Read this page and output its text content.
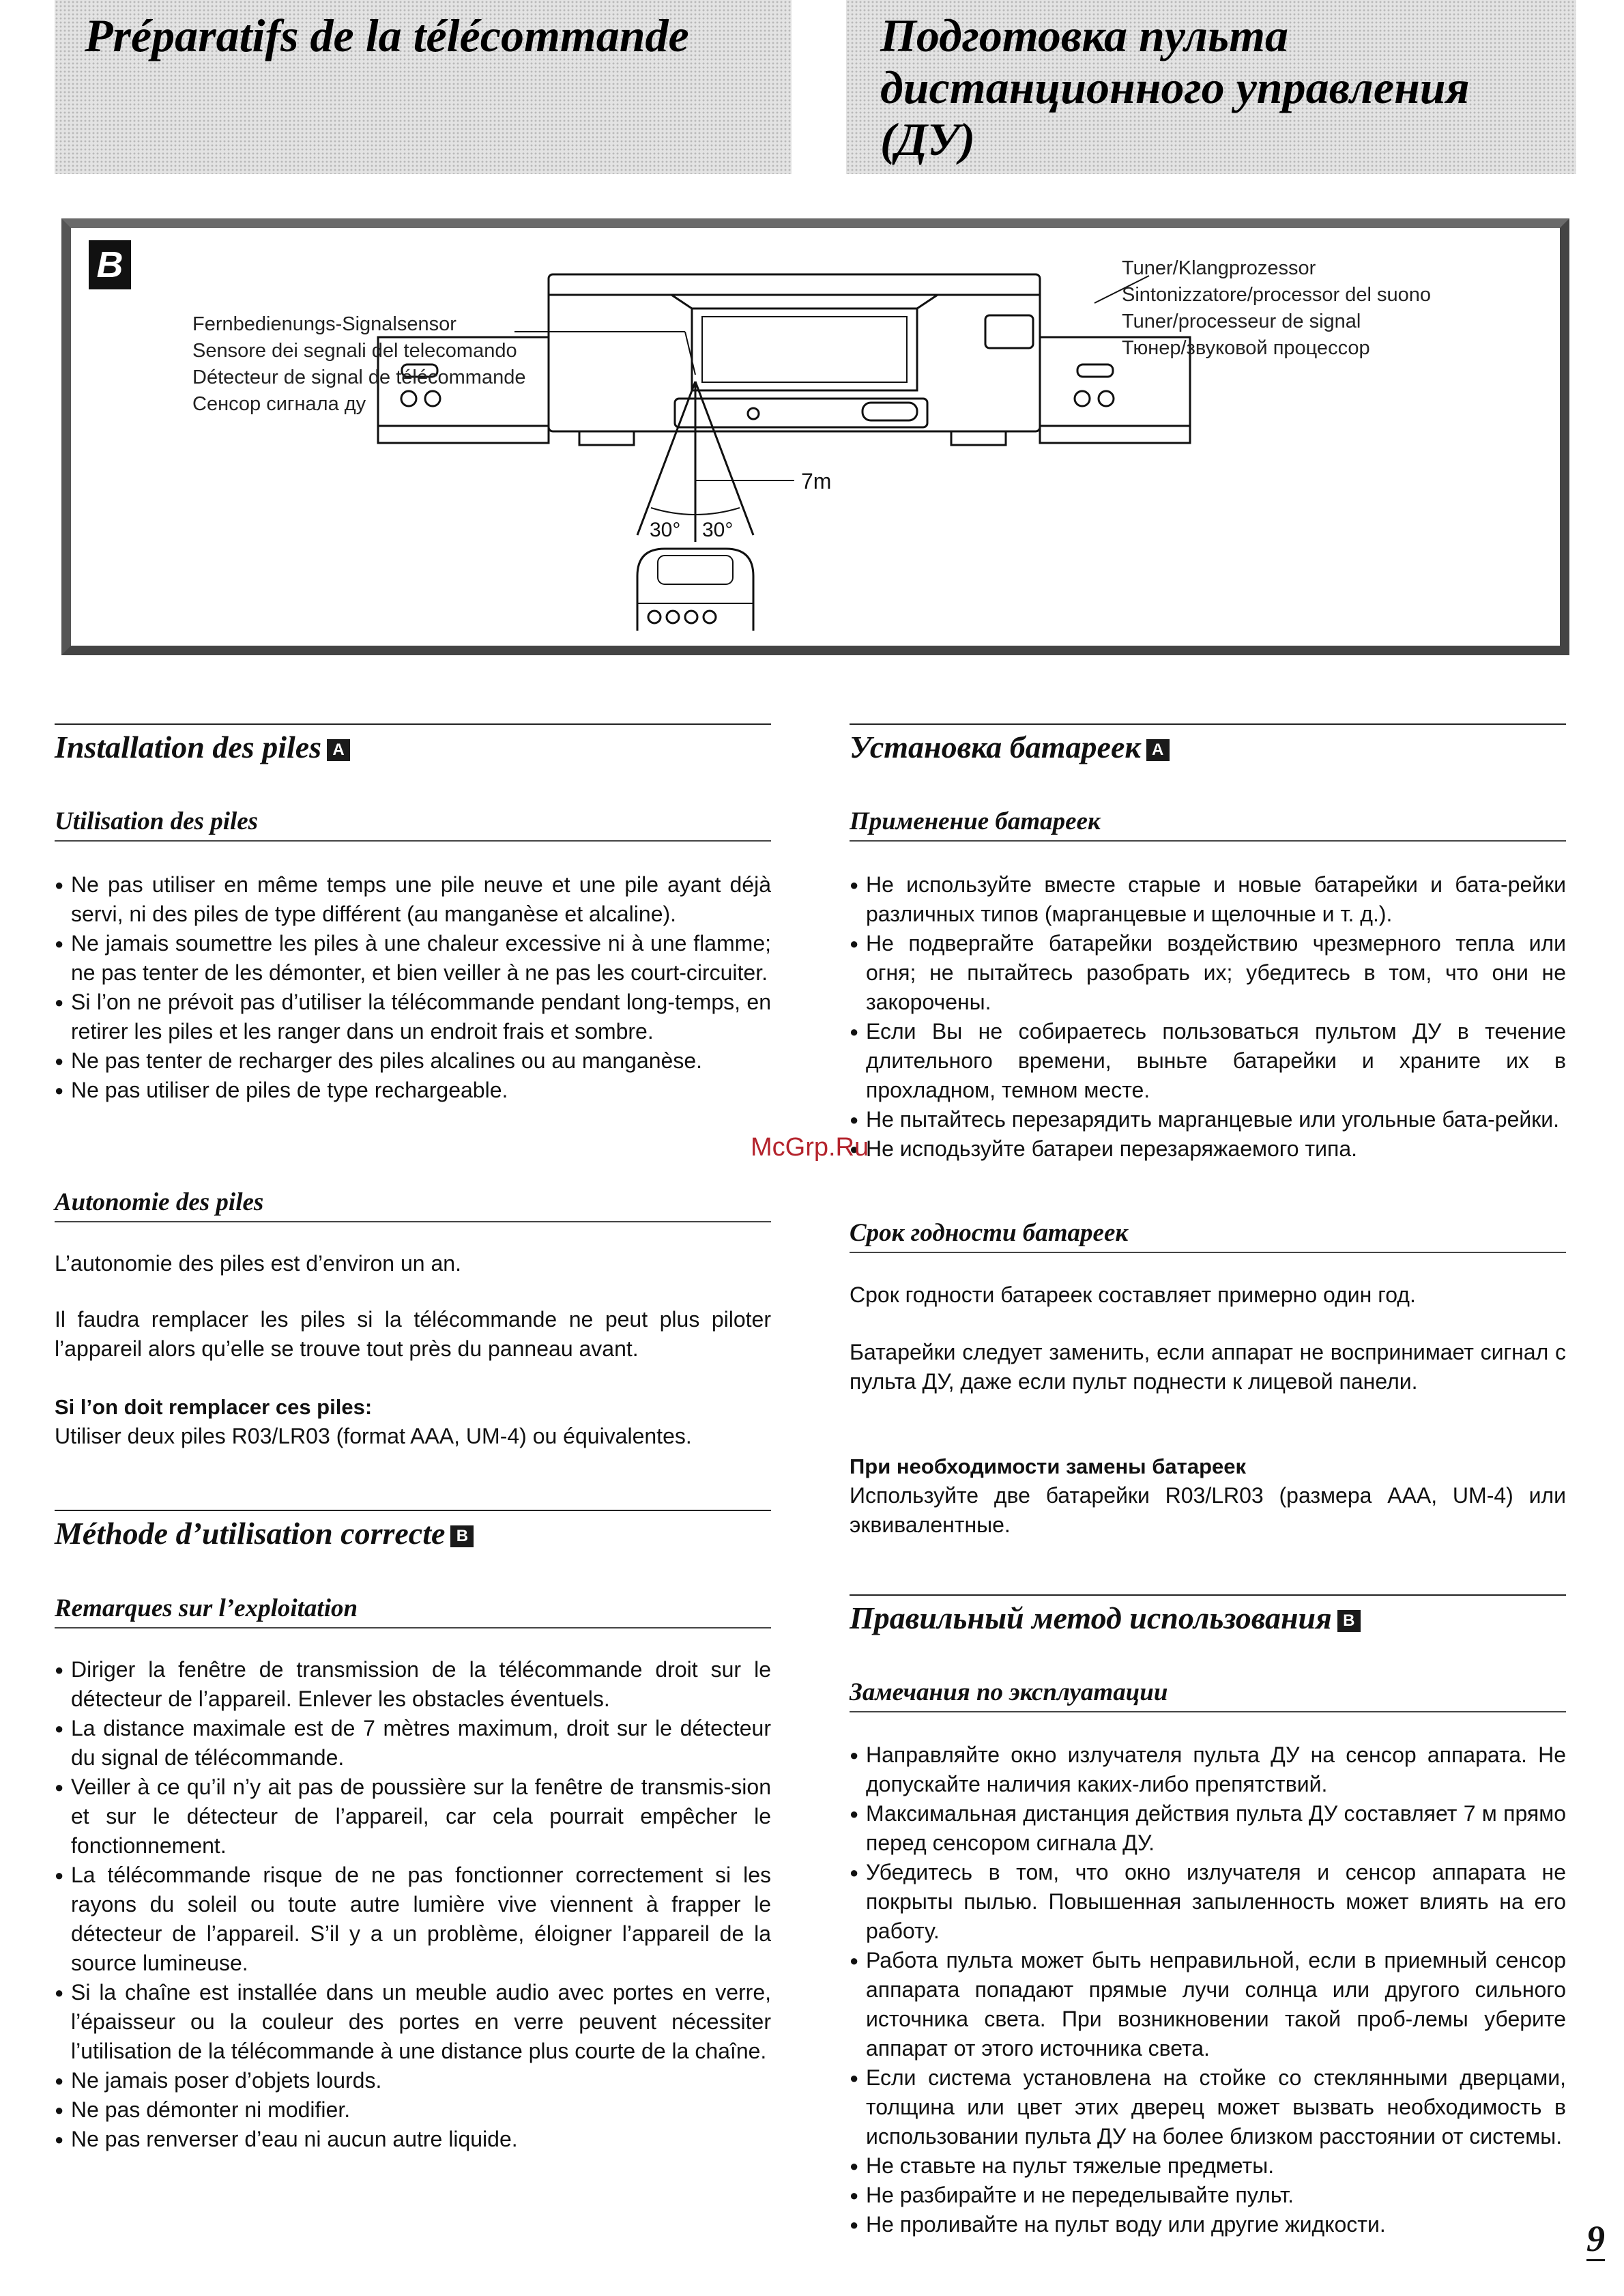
Préparatifs de la télécommande	Подготовка пульта
дистанционного управления
(ДУ)
B
7m
30° 30°
Fernbedienungs-Signalsensor
Sensore dei segnali del telecomando
Détecteur de signal de télécommande
Сенсор сигнала ду
Tuner/Klangprozessor
Sintonizzatore/processor del suono
Tuner/processeur de signal
Тюнер/звуковой процессор
Installation des piles A
Utilisation des piles
● Ne pas utiliser en même temps une pile neuve et une pile ayant déjà servi, ni des piles de type différent (au manganèse et alcaline).
● Ne jamais soumettre les piles à une chaleur excessive ni à une flamme; ne pas tenter de les démonter, et bien veiller à ne pas les court-circuiter.
● Si l’on ne prévoit pas d’utiliser la télécommande pendant long-temps, en retirer les piles et les ranger dans un endroit frais et sombre.
● Ne pas tenter de recharger des piles alcalines ou au manganèse.
● Ne pas utiliser de piles de type rechargeable.
Autonomie des piles
L’autonomie des piles est d’environ un an.
Il faudra remplacer les piles si la télécommande ne peut plus piloter l’appareil alors qu’elle se trouve tout près du panneau avant.
Si l’on doit remplacer ces piles:
Utiliser deux piles R03/LR03 (format AAA, UM-4) ou équivalentes.
Méthode d’utilisation correcte B
Remarques sur l’exploitation
● Diriger la fenêtre de transmission de la télécommande droit sur le détecteur de l’appareil. Enlever les obstacles éventuels.
● La distance maximale est de 7 mètres maximum, droit sur le détecteur du signal de télécommande.
● Veiller à ce qu’il n’y ait pas de poussière sur la fenêtre de transmis-sion et sur le détecteur de l’appareil, car cela pourrait empêcher le fonctionnement.
● La télécommande risque de ne pas fonctionner correctement si les rayons du soleil ou toute autre lumière vive viennent à frapper le détecteur de l’appareil. S’il y a un problème, éloigner l’appareil de la source lumineuse.
● Si la chaîne est installée dans un meuble audio avec portes en verre, l’épaisseur ou la couleur des portes en verre peuvent nécessiter l’utilisation de la télécommande à une distance plus courte de la chaîne.
● Ne jamais poser d’objets lourds.
● Ne pas démonter ni modifier.
● Ne pas renverser d’eau ni aucun autre liquide.
Установка батареек A
Применение батареек
● Не используйте вместе старые и новые батарейки и бата-рейки различных типов (марганцевые и щелочные и т. д.).
● Не подвергайте батарейки воздействию чрезмерного тепла или огня; не пытайтесь разобрать их; убедитесь в том, что они не закорочены.
● Если Вы не собираетесь пользоваться пультом ДУ в течение длительного времени, выньте батарейки и храните их в прохладном, темном месте.
● Не пытайтесь перезарядить марганцевые или угольные бата-рейки.
● Не исподьзуйте батареи перезаряжаемого типа.
Срок годности батареек
Срок годности батареек составляет примерно один год.
Батарейки следует заменить, если аппарат не воспринимает сигнал с пульта ДУ, даже если пульт поднести к лицевой панели.
При необходимости замены батареек
Используйте две батарейки R03/LR03 (размера AAA, UM-4) или эквивалентные.
Правильный метод использования B
Замечания по эксплуатации
● Направляйте окно излучателя пульта ДУ на сенсор аппарата. Не допускайте наличия каких-либо препятствий.
● Максимальная дистанция действия пульта ДУ составляет 7 м прямо перед сенсором сигнала ДУ.
● Убедитесь в том, что окно излучателя и сенсор аппарата не покрыты пылью. Повышенная запыленность может влиять на его работу.
● Работа пульта может быть неправильной, если в приемный сенсор аппарата попадают прямые лучи солнца или другого сильного источника света. При возникновении такой проб-лемы уберите аппарат от этого источника света.
● Если система установлена на стойке со стеклянными дверцами, толщина или цвет этих дверец может вызвать необходимость в использовании пульта ДУ на более близком расстоянии от системы.
● Не ставьте на пульт тяжелые предметы.
● Не разбирайте и не переделывайте пульт.
● Не проливайте на пульт воду или другие жидкости.
McGrp.Ru
9
